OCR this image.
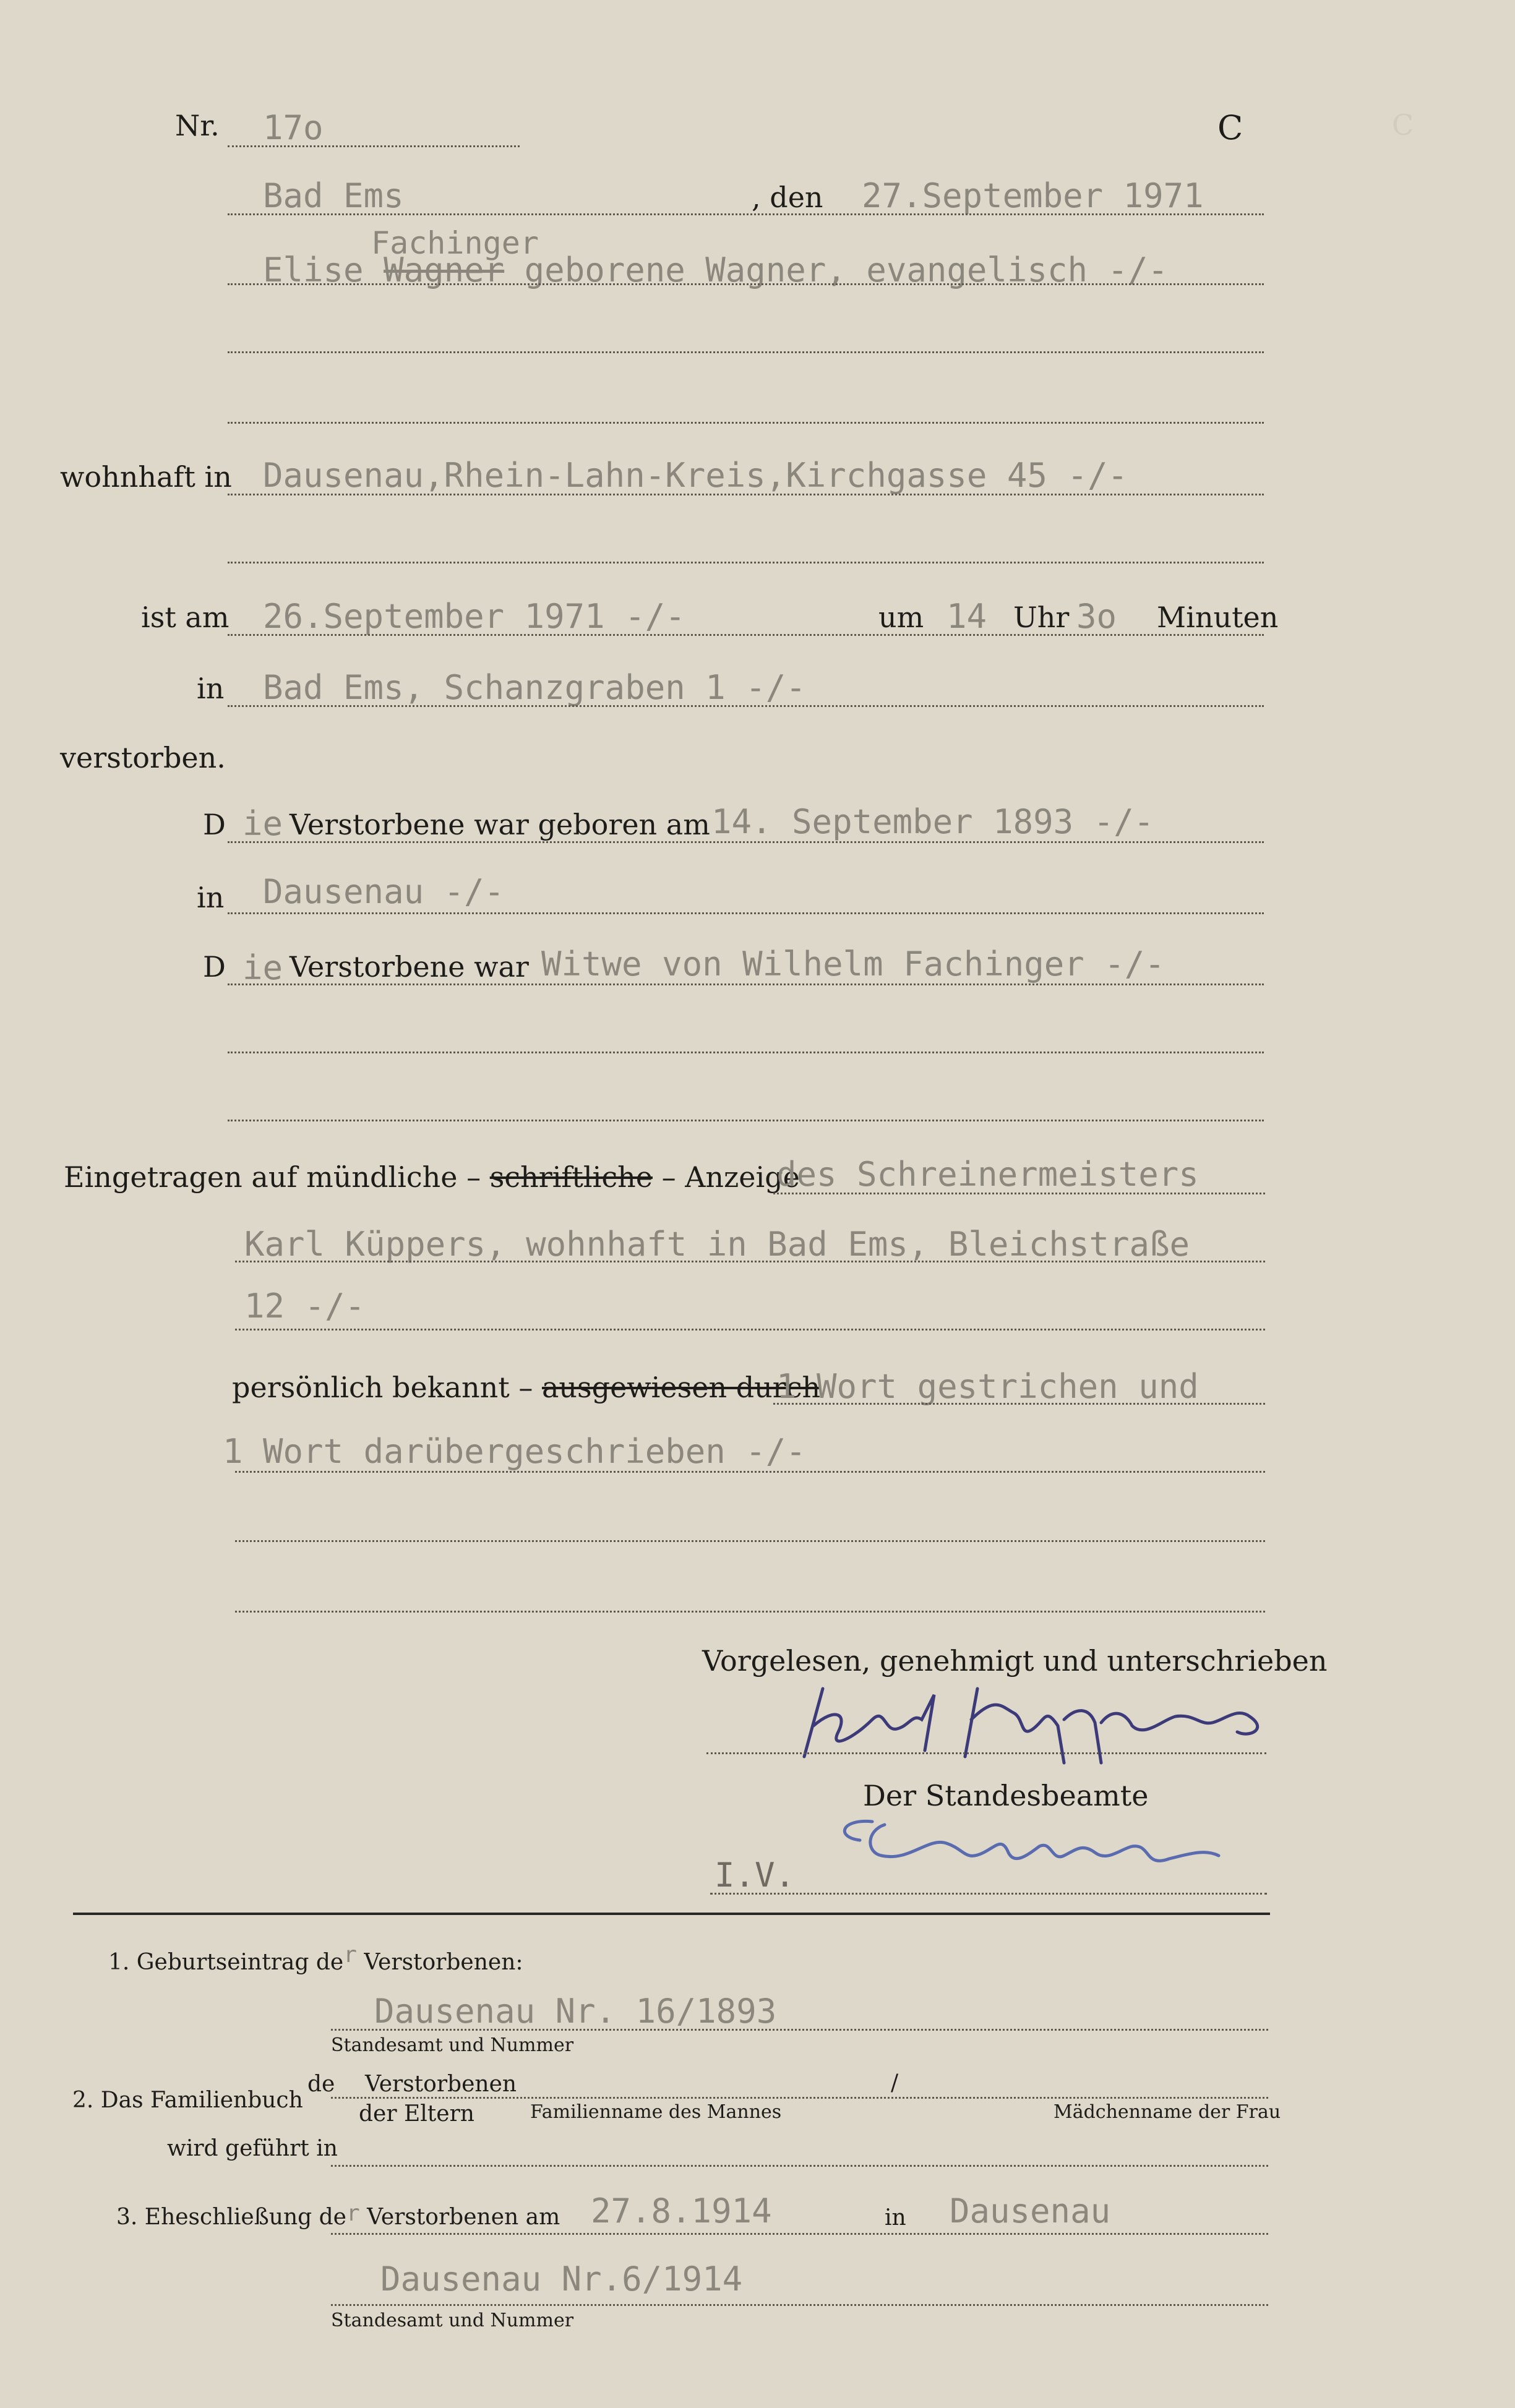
C
Nr. 17o	C
Bad Ems	, den 27.September 1971
Fachinger
Elise Wagner geborene Wagner, evangelisch -/-
wohnhaft in Dausenau,Rhein-Lahn-Kreis,Kirchgasse 45 -/-
ist am 26.September 1971 -/-	um 14 Uhr 3o Minuten
in Bad Ems, Schanzgraben 1 -/-
verstorben.
D ie Verstorbene war geboren am 14. September 1893 -/-
in Dausenau -/-
D ie Verstorbene war Witwe von Wilhelm Fachinger -/-
Eingetragen auf mündliche – schriftliche – Anzeige
des Schreinermeisters
Karl Küppers, wohnhaft in Bad Ems, Bleichstraße
12 -/-
persönlich bekannt – ausgewiesen durch
1 Wort gestrichen und
1 Wort darübergeschrieben -/-
Vorgelesen, genehmigt und unterschrieben
Der Standesbeamte
I.V.
1. Geburtseintrag der Verstorbenen:
Dausenau Nr. 16/1893
Standesamt und Nummer
2. Das Familienbuch
de Verstorbenen
der Eltern	Familienname des Mannes
/
Mädchenname der Frau
wird geführt in
3. Eheschließung der Verstorbenen am 27.8.1914	in Dausenau
Dausenau Nr.6/1914
Standesamt und Nummer
